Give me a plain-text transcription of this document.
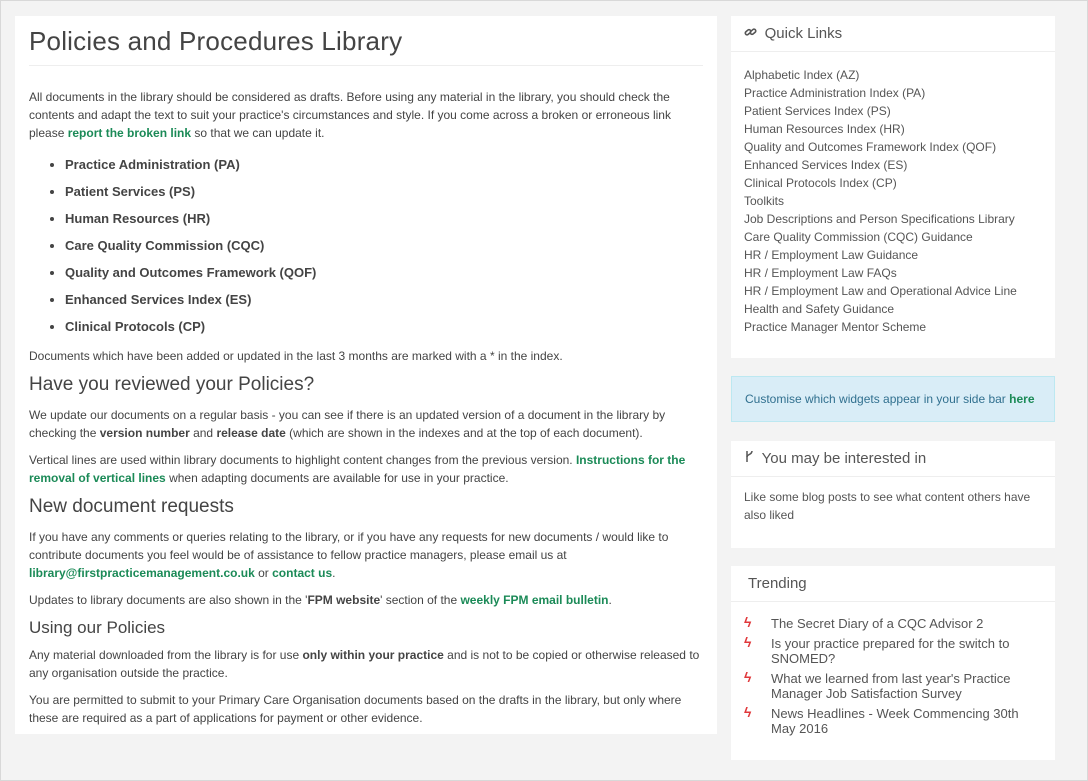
Policies and Procedures Library

All documents in the library should be considered as drafts. Before using any material in the library, you should check the contents and adapt the text to suit your practice's circumstances and style. If you come across a broken or erroneous link please report the broken link so that we can update it.

• Practice Administration (PA)
• Patient Services (PS)
• Human Resources (HR)
• Care Quality Commission (CQC)
• Quality and Outcomes Framework (QOF)
• Enhanced Services Index (ES)
• Clinical Protocols (CP)

Documents which have been added or updated in the last 3 months are marked with a * in the index.

Have you reviewed your Policies?

We update our documents on a regular basis - you can see if there is an updated version of a document in the library by checking the version number and release date (which are shown in the indexes and at the top of each document).

Vertical lines are used within library documents to highlight content changes from the previous version. Instructions for the removal of vertical lines when adapting documents are available for use in your practice.

New document requests

If you have any comments or queries relating to the library, or if you have any requests for new documents / would like to contribute documents you feel would be of assistance to fellow practice managers, please email us at library@firstpracticemanagement.co.uk or contact us.

Updates to library documents are also shown in the 'FPM website' section of the weekly FPM email bulletin.

Using our Policies

Any material downloaded from the library is for use only within your practice and is not to be copied or otherwise released to any organisation outside the practice.

You are permitted to submit to your Primary Care Organisation documents based on the drafts in the library, but only where these are required as a part of applications for payment or other evidence.

Quick Links
Alphabetic Index (AZ)
Practice Administration Index (PA)
Patient Services Index (PS)
Human Resources Index (HR)
Quality and Outcomes Framework Index (QOF)
Enhanced Services Index (ES)
Clinical Protocols Index (CP)
Toolkits
Job Descriptions and Person Specifications Library
Care Quality Commission (CQC) Guidance
HR / Employment Law Guidance
HR / Employment Law FAQs
HR / Employment Law and Operational Advice Line
Health and Safety Guidance
Practice Manager Mentor Scheme
Customise which widgets appear in your side bar here
You may be interested in
Like some blog posts to see what content others have also liked
Trending
ϟ The Secret Diary of a CQC Advisor 2
ϟ Is your practice prepared for the switch to SNOMED?
ϟ What we learned from last year's Practice Manager Job Satisfaction Survey
ϟ News Headlines - Week Commencing 30th May 2016
